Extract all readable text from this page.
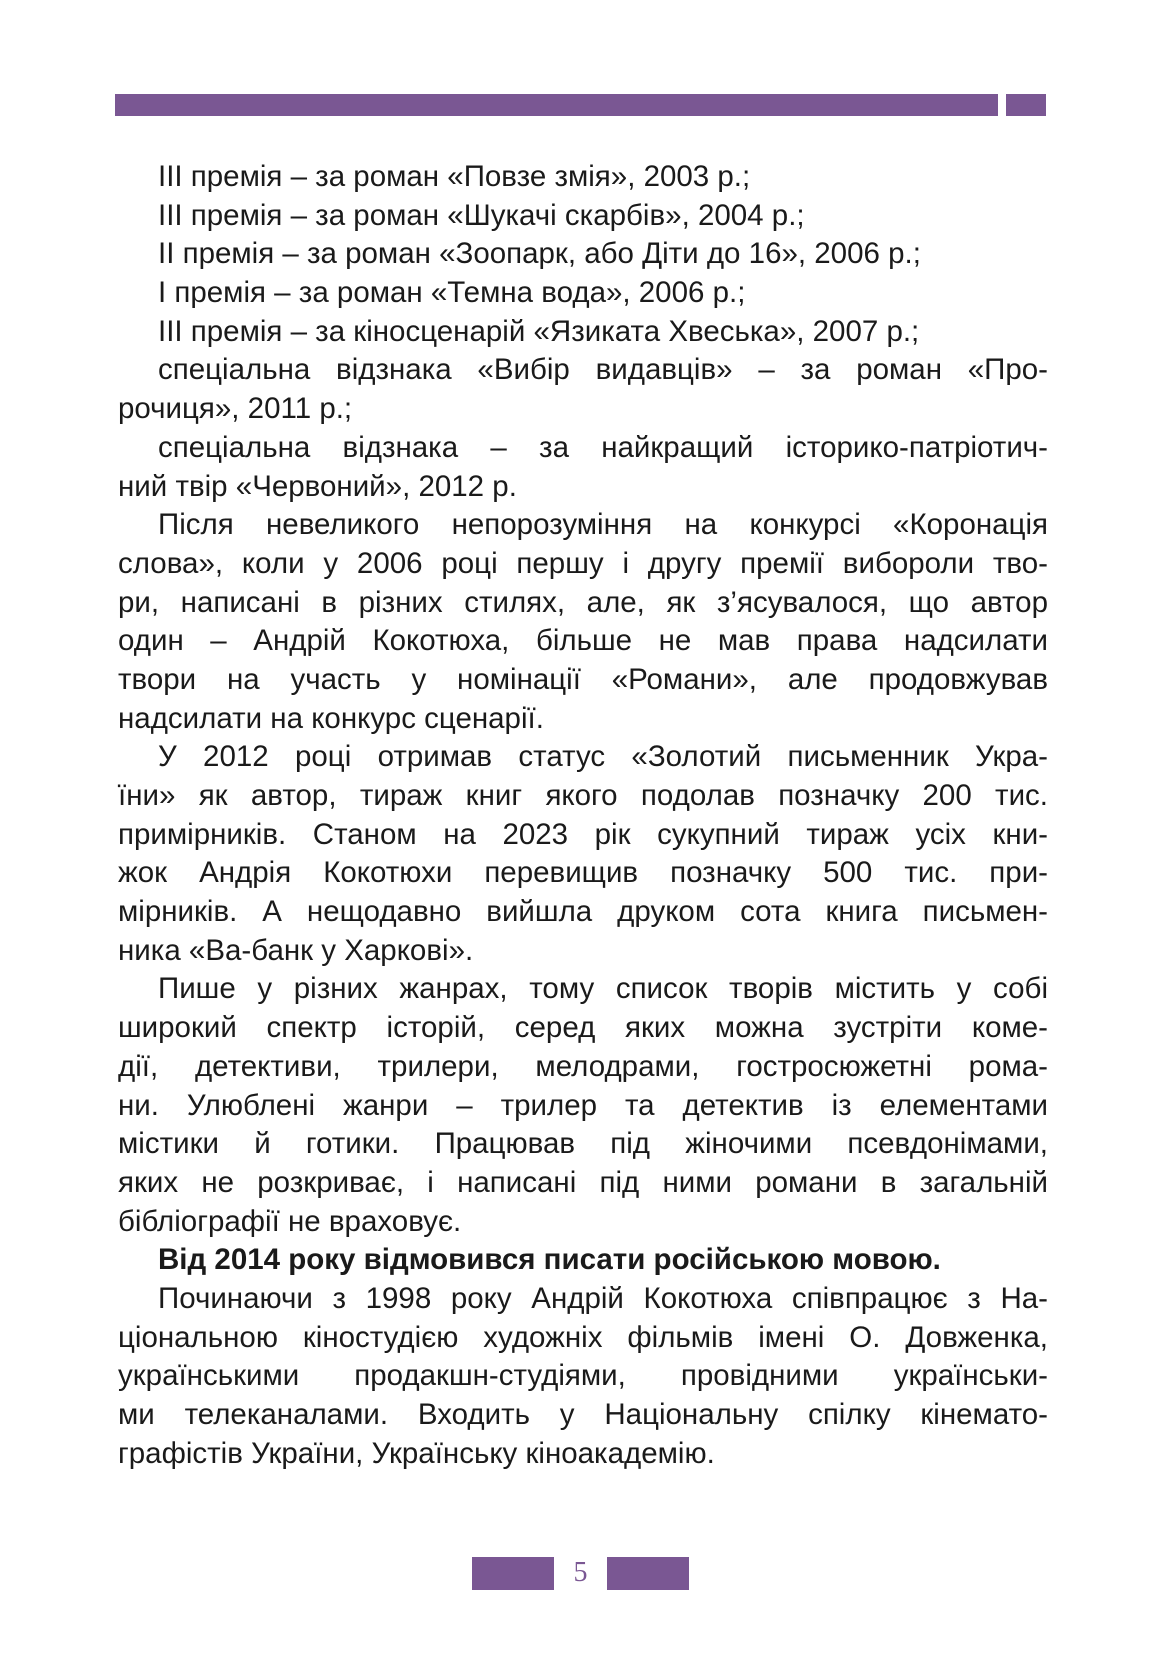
ІІІ премія – за роман «Повзе змія», 2003 р.;
ІІІ премія – за роман «Шукачі скарбів», 2004 р.;
ІІ премія – за роман «Зоопарк, або Діти до 16», 2006 р.;
І премія – за роман «Темна вода», 2006 р.;
ІІІ премія – за кіносценарій «Язиката Хвеська», 2007 р.;
спеціальна відзнака «Вибір видавців» – за роман «Про-
рочиця», 2011 р.;
спеціальна відзнака – за найкращий історико-патріотич-
ний твір «Червоний», 2012 р.
Після невеликого непорозуміння на конкурсі «Коронація
слова», коли у 2006 році першу і другу премії вибороли тво-
ри, написані в різних стилях, але, як з’ясувалося, що автор
один – Андрій Кокотюха, більше не мав права надсилати
твори на участь у номінації «Романи», але продовжував
надсилати на конкурс сценарії.
У 2012 році отримав статус «Золотий письменник Укра-
їни» як автор, тираж книг якого подолав позначку 200 тис.
примірників. Станом на 2023 рік сукупний тираж усіх кни-
жок Андрія Кокотюхи перевищив позначку 500 тис. при-
мірників. А нещодавно вийшла друком сота книга письмен-
ника «Ва-банк у Харкові».
Пише у різних жанрах, тому список творів містить у собі
широкий спектр історій, серед яких можна зустріти коме-
дії, детективи, трилери, мелодрами, гостросюжетні рома-
ни. Улюблені жанри – трилер та детектив із елементами
містики й готики. Працював під жіночими псевдонімами,
яких не розкриває, і написані під ними романи в загальній
бібліографії не враховує.
Від 2014 року відмовився писати російською мовою.
Починаючи з 1998 року Андрій Кокотюха співпрацює з На-
ціональною кіностудією художніх фільмів імені О. Довженка,
українськими продакшн-студіями, провідними українськи-
ми телеканалами. Входить у Національну спілку кінемато-
графістів України, Українську кіноакадемію.
5
